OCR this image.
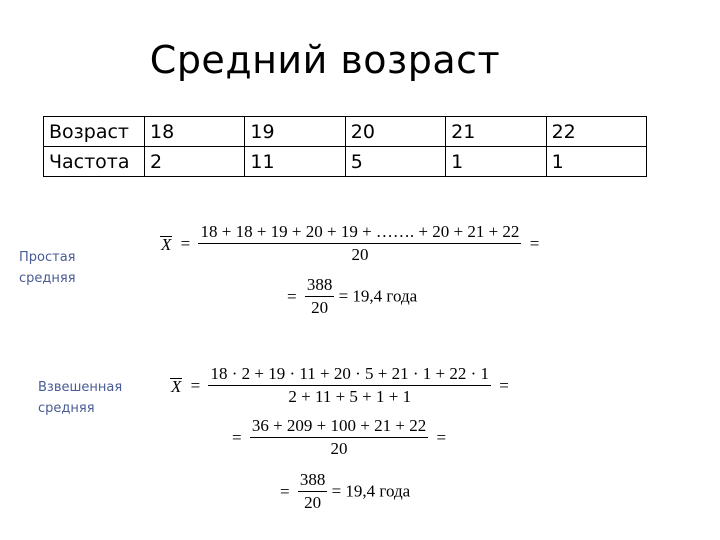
Средний возраст
Возраст	18	19	20	21	22
Частота	2	11	5	1	1
Простая
средняя
Взвешенная
средняя
$X = \frac{18 + 18 + 19 + 20 + 19 + \dots\dots. + 20 + 21 + 22}{20}$ =
= $\frac{388}{20} = 19,4$ года
$X = \frac{18 \cdot 2 + 19 \cdot 11 + 20 \cdot 5 + 21 \cdot 1 + 22 \cdot 1}{2 + 11 + 5 + 1 + 1}$ =
= $\frac{36 + 209 + 100 + 21 + 22}{20}$ =
= $\frac{388}{20} = 19,4$ года
